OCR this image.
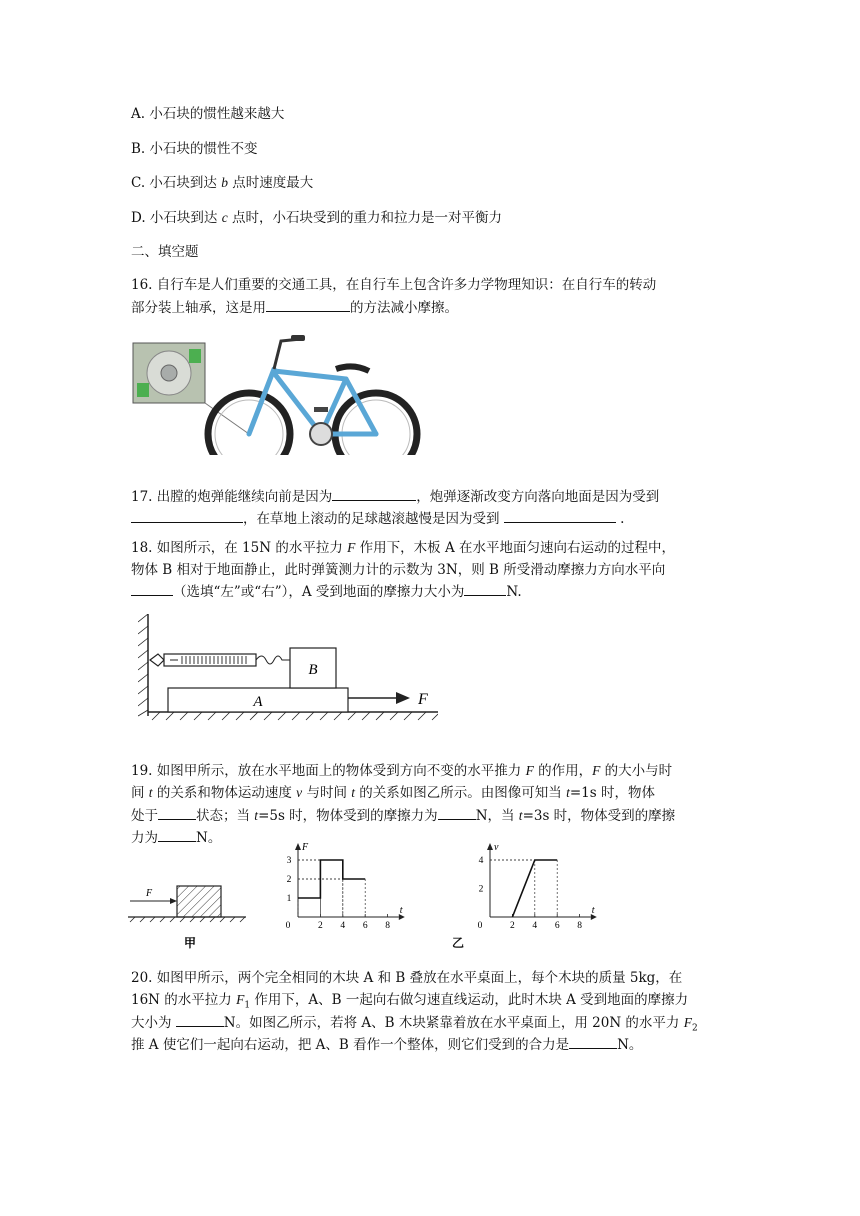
A. 小石块的惯性越来越大
B. 小石块的惯性不变
C. 小石块到达 b 点时速度最大
D. 小石块到达 c 点时，小石块受到的重力和拉力是一对平衡力
二、填空题
16. 自行车是人们重要的交通工具，在自行车上包含许多力学物理知识：在自行车的转动
部分装上轴承，这是用	的方法减小摩擦。
17. 出膛的炮弹能继续向前是因为	，炮弹逐渐改变方向落向地面是因为受到
，在草地上滚动的足球越滚越慢是因为受到	.
18. 如图所示，在 15N 的水平拉力 F 作用下，木板 A 在水平地面匀速向右运动的过程中，
物体 B 相对于地面静止，此时弹簧测力计的示数为 3N，则 B 所受滑动摩擦力方向水平向
（选填“左”或“右”），A 受到地面的摩擦力大小为	N.
A
B
F
19. 如图甲所示，放在水平地面上的物体受到方向不变的水平推力 F 的作用，F 的大小与时
间 t 的关系和物体运动速度 v 与时间 t 的关系如图乙所示。由图像可知当 t=1s 时，物体
处于	状态；当 t=5s 时，物体受到的摩擦力为	N，当 t=3s 时，物体受到的摩擦
力为	N。
F
甲
F
t
0	2 4 6 8
1
2
3
v
t
0	2 4 6 8
2
4
乙
20. 如图甲所示，两个完全相同的木块 A 和 B 叠放在水平桌面上，每个木块的质量 5kg，在
16N 的水平拉力 $F_1$ 作用下，A、B 一起向右做匀速直线运动，此时木块 A 受到地面的摩擦力
大小为	N。如图乙所示，若将 A、B 木块紧靠着放在水平桌面上，用 20N 的水平力 $F_2$
推 A 使它们一起向右运动，把 A、B 看作一个整体，则它们受到的合力是	N。
